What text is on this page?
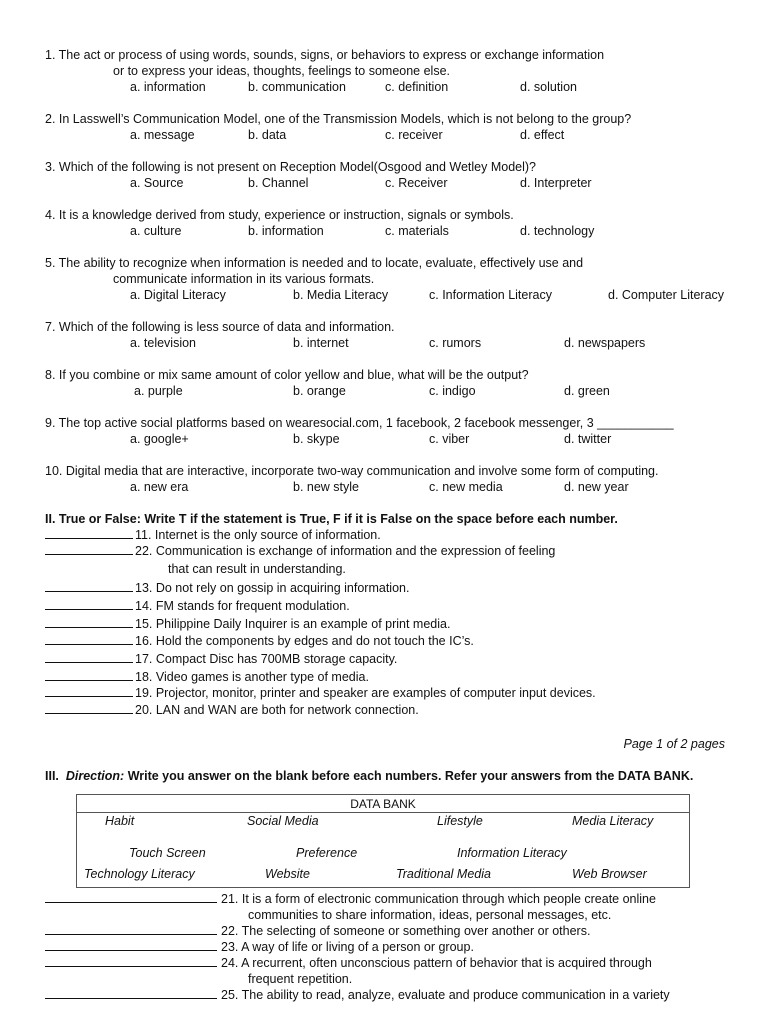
1. The act or process of using words, sounds, signs, or behaviors to express or exchange information
or to express your ideas, thoughts, feelings to someone else.
a. information	b. communication	c. definition	d. solution
2. In Lasswell’s Communication Model, one of the Transmission Models, which is not belong to the group?
a. message	b. data	c. receiver	d. effect
3. Which of the following is not present on Reception Model(Osgood and Wetley Model)?
a. Source	b. Channel	c. Receiver	d. Interpreter
4. It is a knowledge derived from study, experience or instruction, signals or symbols.
a. culture	b. information	c. materials	d. technology
5. The ability to recognize when information is needed and to locate, evaluate, effectively use and
communicate information in its various formats.
a. Digital Literacy	b. Media Literacy	c. Information Literacy	d. Computer Literacy
7. Which of the following is less source of data and information.
a. television	b. internet	c. rumors	d. newspapers
8. If you combine or mix same amount of color yellow and blue, what will be the output?
a. purple	b. orange	c. indigo	d. green
9. The top active social platforms based on wearesocial.com, 1 facebook, 2 facebook messenger, 3 ___________
a. google+	b. skype	c. viber	d. twitter
10. Digital media that are interactive, incorporate two-way communication and involve some form of computing.
a. new era	b. new style	c. new media	d. new year
II. True or False: Write T if the statement is True, F if it is False on the space before each number.
11. Internet is the only source of information.
22. Communication is exchange of information and the expression of feeling
that can result in understanding.
13. Do not rely on gossip in acquiring information.
14. FM stands for frequent modulation.
15. Philippine Daily Inquirer is an example of print media.
16. Hold the components by edges and do not touch the IC’s.
17. Compact Disc has 700MB storage capacity.
18. Video games is another type of media.
19. Projector, monitor, printer and speaker are examples of computer input devices.
20. LAN and WAN are both for network connection.
Page 1 of 2 pages
III. Direction: Write you answer on the blank before each numbers. Refer your answers from the DATA BANK.
DATA BANK
Habit	Social Media	Lifestyle	Media Literacy
Touch Screen	Preference	Information Literacy
Technology Literacy	Website	Traditional Media	Web Browser
21. It is a form of electronic communication through which people create online
communities to share information, ideas, personal messages, etc.
22. The selecting of someone or something over another or others.
23. A way of life or living of a person or group.
24. A recurrent, often unconscious pattern of behavior that is acquired through
frequent repetition.
25. The ability to read, analyze, evaluate and produce communication in a variety
